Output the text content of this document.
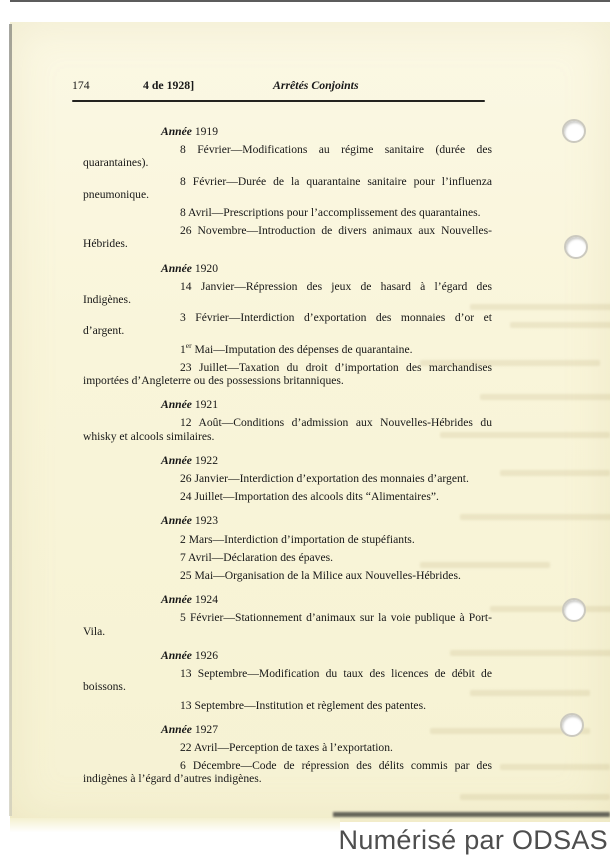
174	4 de 1928]	Arrêtés Conjoints
Année 1919

8 Février—Modifications au régime sanitaire (durée des quarantaines).

8 Février—Durée de la quarantaine sanitaire pour l’influenza pneumonique.

8 Avril—Prescriptions pour l’accomplissement des quarantaines.

26 Novembre—Introduction de divers animaux aux Nouvelles-Hébrides.

Année 1920

14 Janvier—Répression des jeux de hasard à l’égard des Indigènes.

3 Février—Interdiction d’exportation des monnaies d’or et d’argent.

1er Mai—Imputation des dépenses de quarantaine.

23 Juillet—Taxation du droit d’importation des marchandises importées d’Angleterre ou des possessions britanniques.

Année 1921

12 Août—Conditions d’admission aux Nouvelles-Hébrides du whisky et alcools similaires.

Année 1922

26 Janvier—Interdiction d’exportation des monnaies d’argent.

24 Juillet—Importation des alcools dits “Alimentaires”.

Année 1923

2 Mars—Interdiction d’importation de stupéfiants.

7 Avril—Déclaration des épaves.

25 Mai—Organisation de la Milice aux Nouvelles-Hébrides.

Année 1924

5 Février—Stationnement d’animaux sur la voie publique à Port-Vila.

Année 1926

13 Septembre—Modification du taux des licences de débit de boissons.

13 Septembre—Institution et règlement des patentes.

Année 1927

22 Avril—Perception de taxes à l’exportation.

6 Décembre—Code de répression des délits commis par des indigènes à l’égard d’autres indigènes.

Numérisé par ODSAS
